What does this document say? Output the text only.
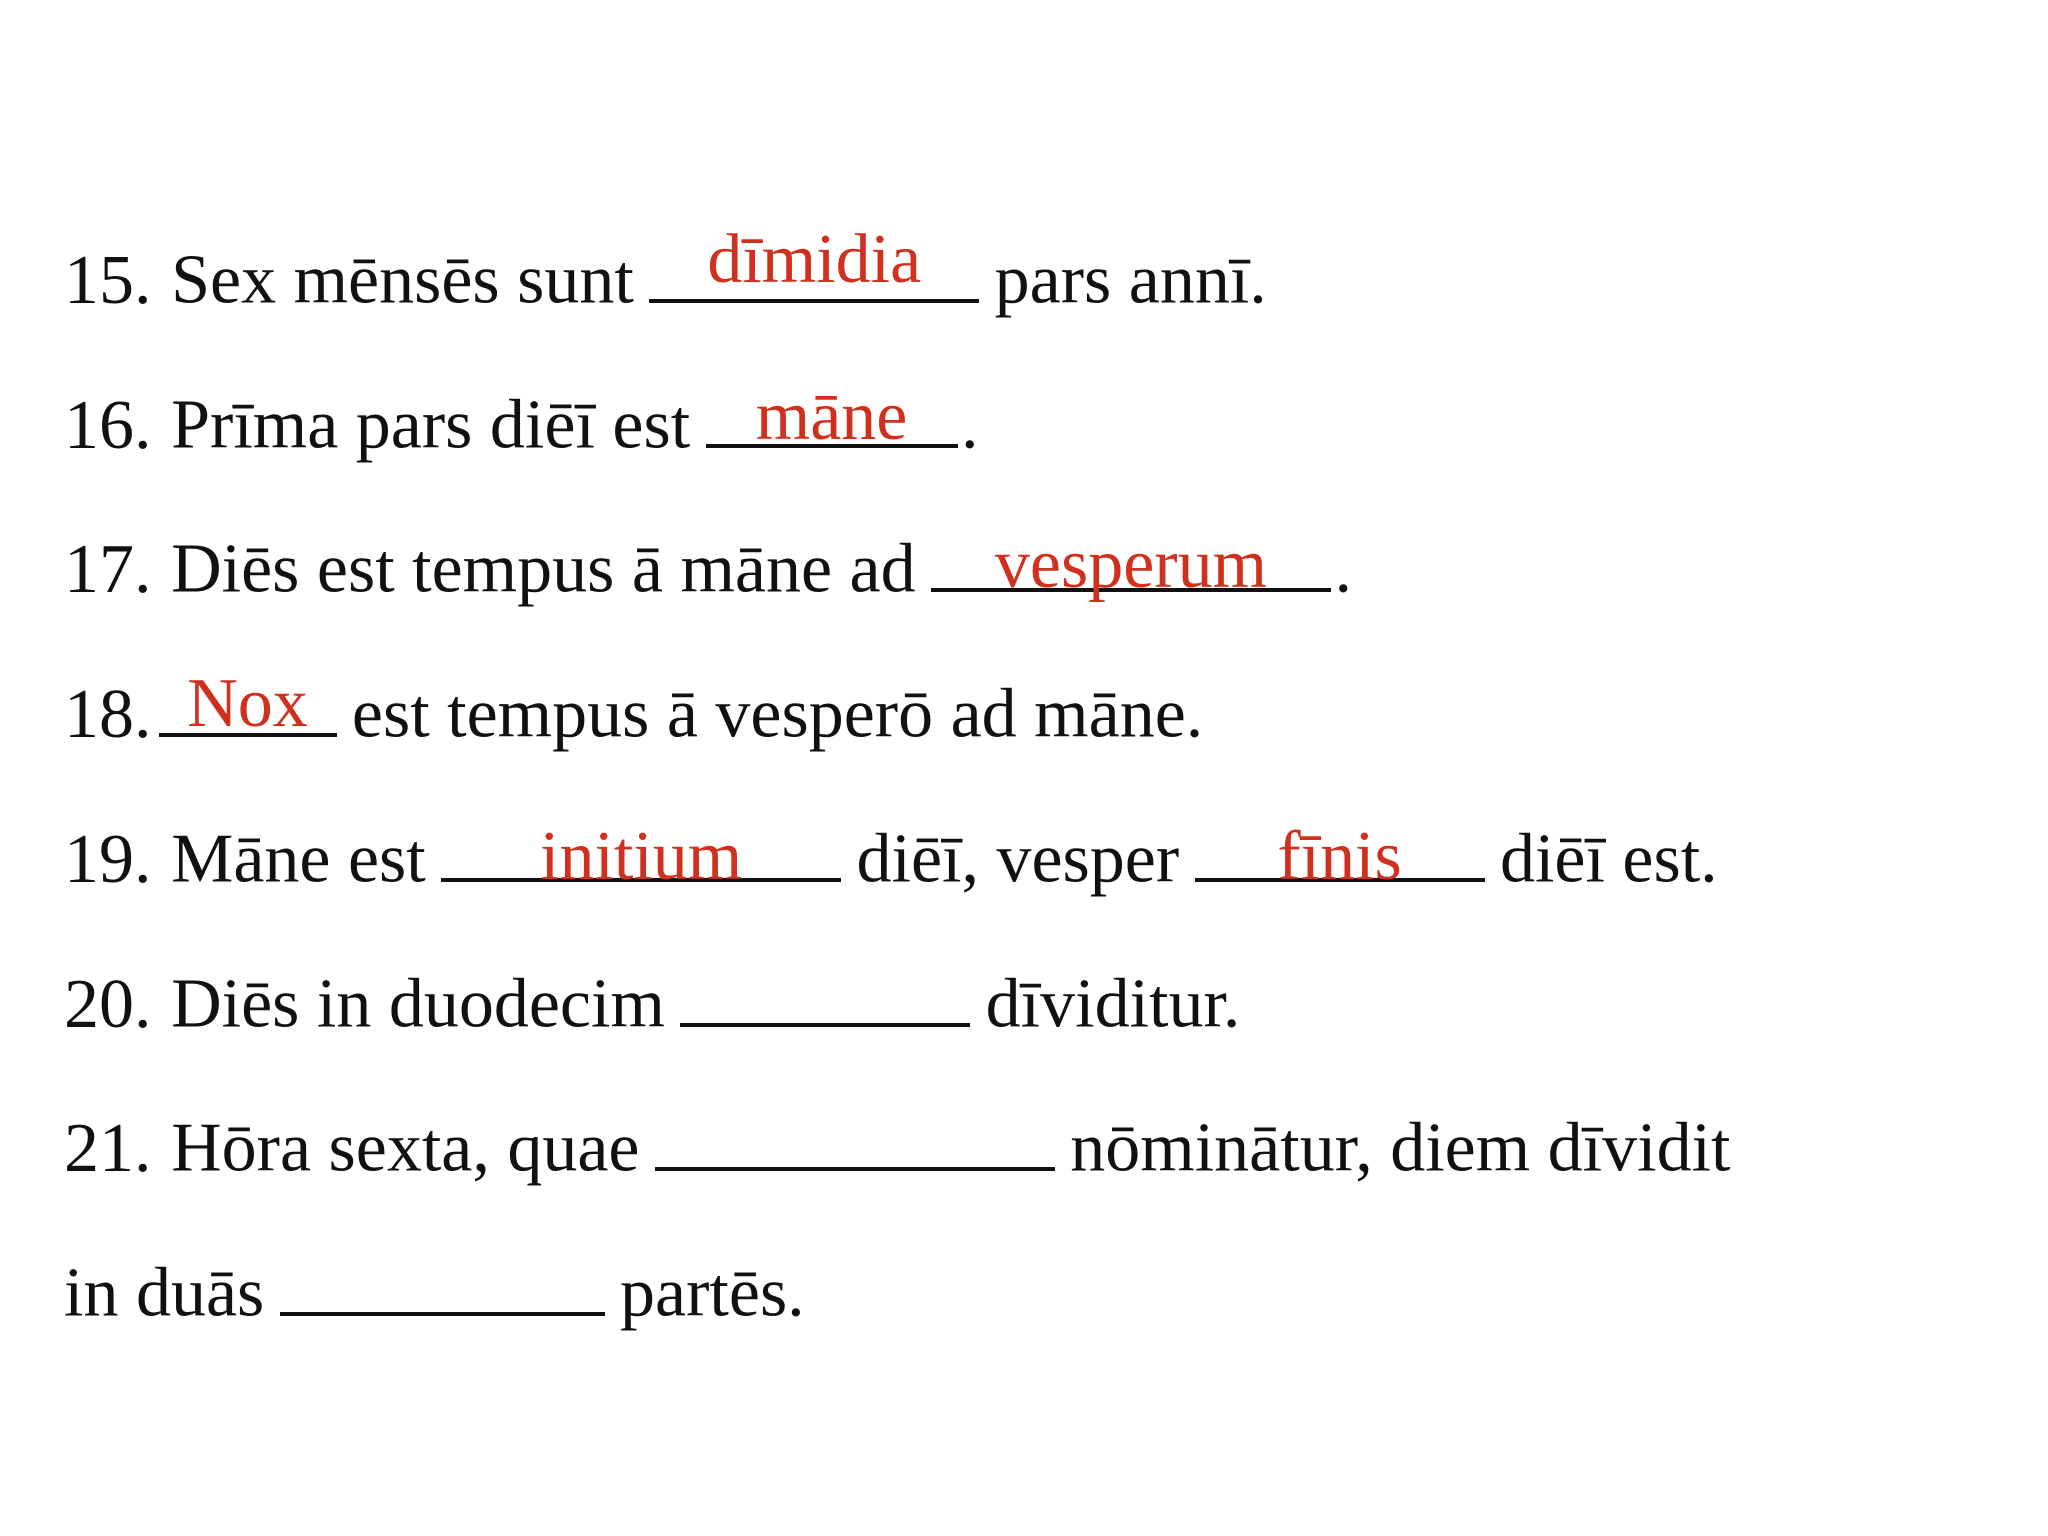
15. Sex mēnsēs sunt	dīmidia	pars annī.
16. Prīma pars diēī est māne .
17. Diēs est tempus ā māne ad	vesperum .
18. Nox est tempus ā vesperō ad māne.
19. Māne est	initium	diēī, vesper	fīnis	diēī est.
20. Diēs in duodecim	dīviditur.
21. Hōra sexta, quae	nōminātur, diem dīvidit
in duās	partēs.
